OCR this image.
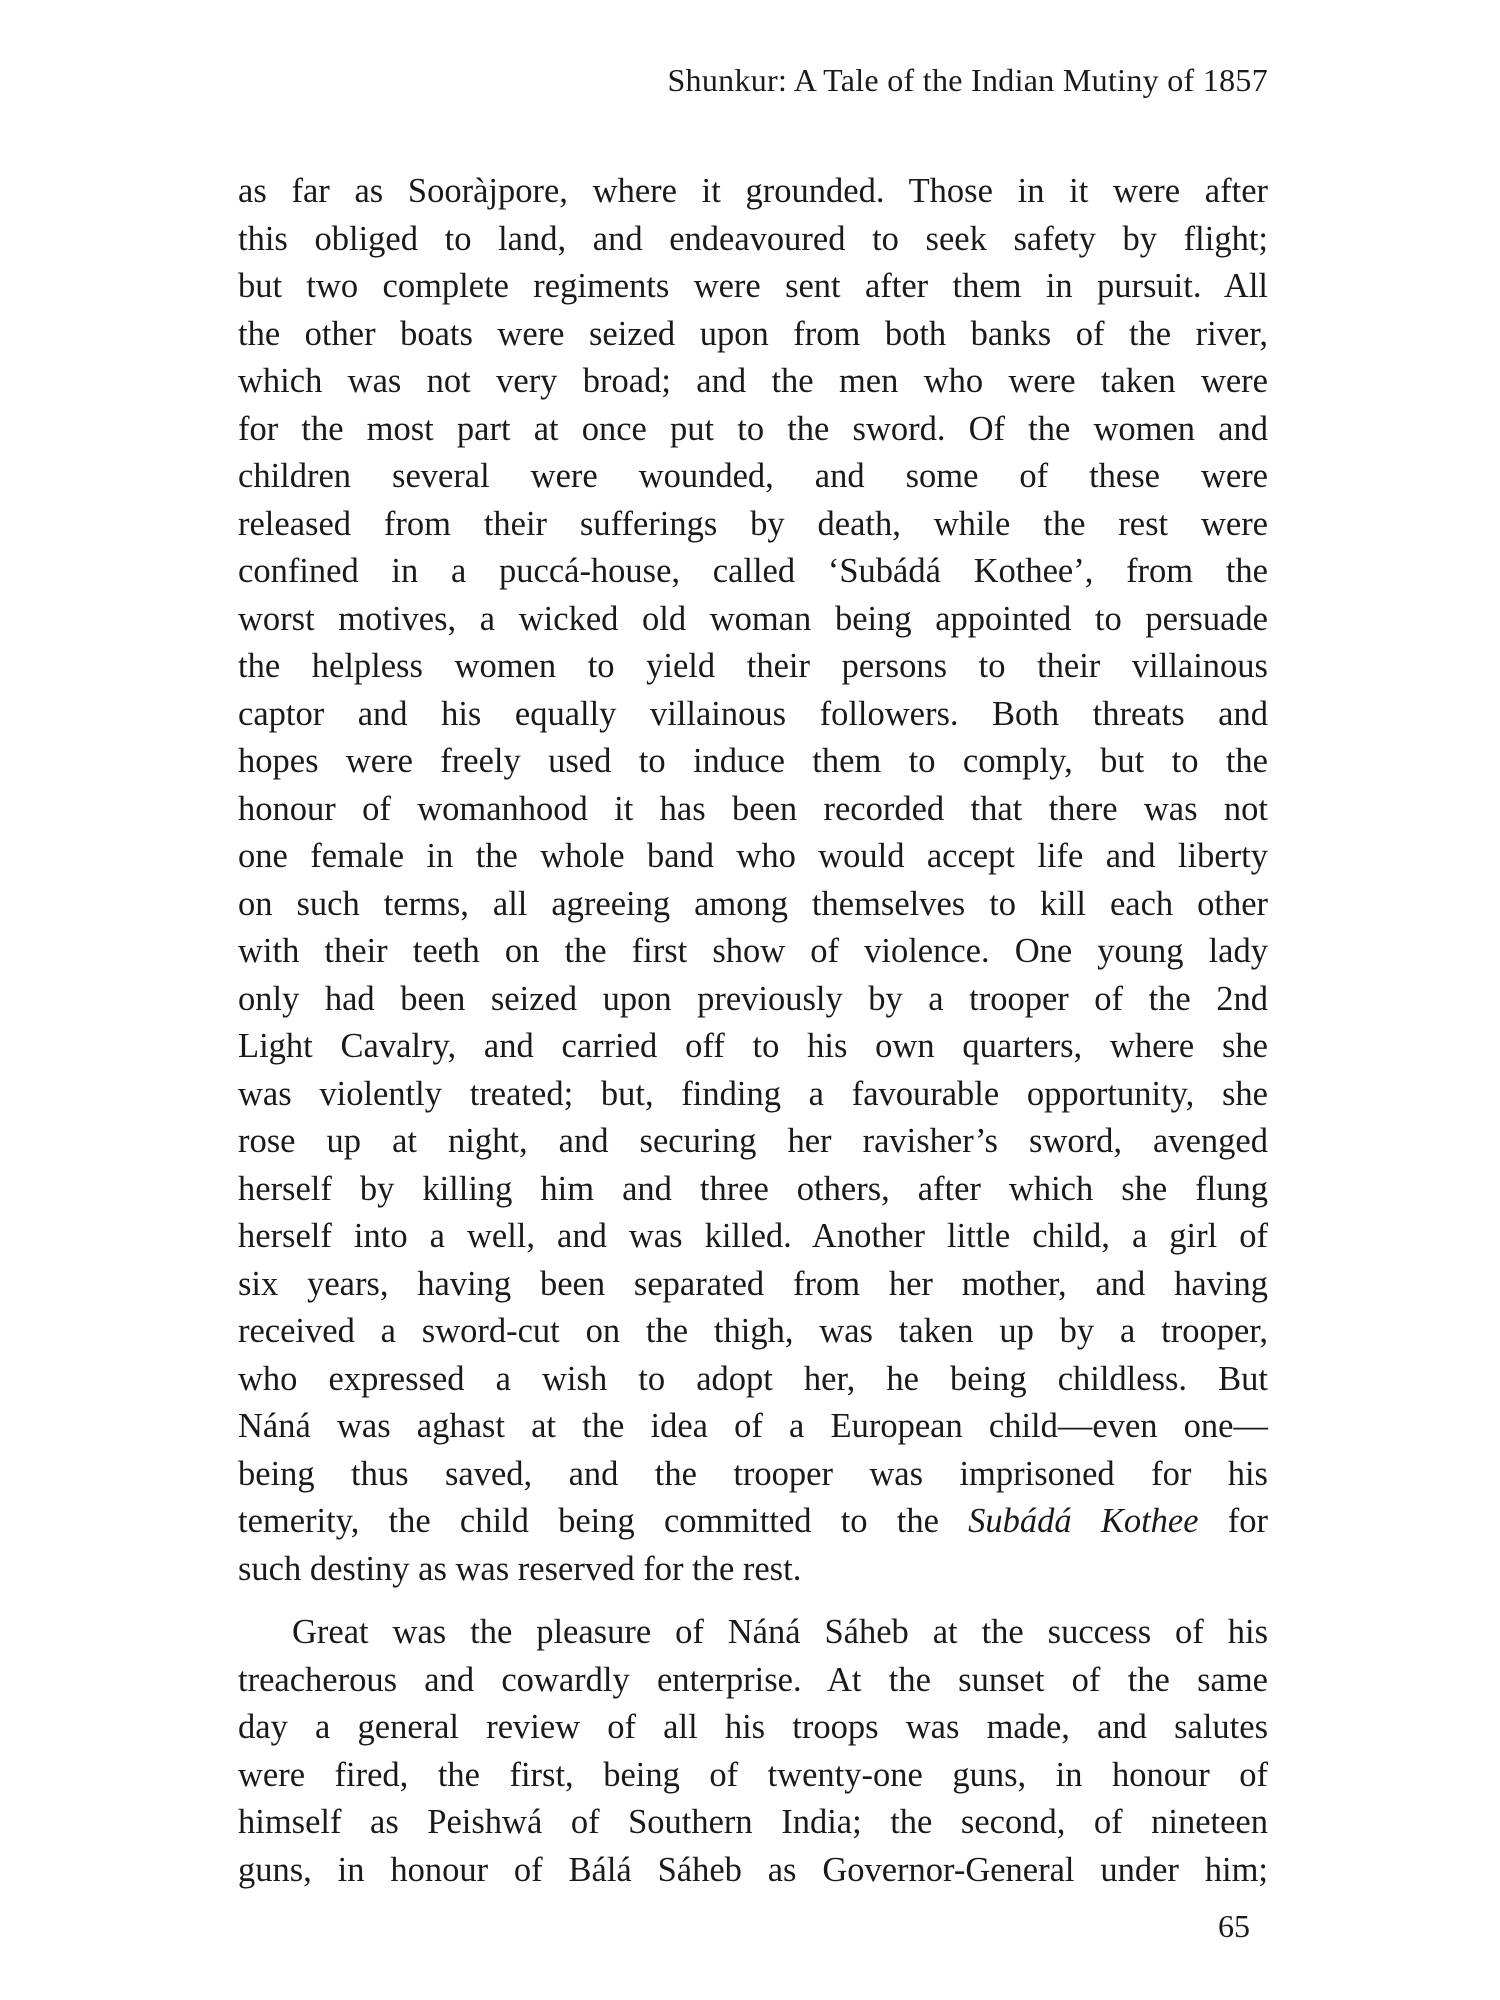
Shunkur: A Tale of the Indian Mutiny of 1857
as far as Sooràjpore, where it grounded. Those in it were after
this obliged to land, and endeavoured to seek safety by flight;
but two complete regiments were sent after them in pursuit. All
the other boats were seized upon from both banks of the river,
which was not very broad; and the men who were taken were
for the most part at once put to the sword. Of the women and
children several were wounded, and some of these were
released from their sufferings by death, while the rest were
confined in a puccá-house, called ‘Subádá Kothee’, from the
worst motives, a wicked old woman being appointed to persuade
the helpless women to yield their persons to their villainous
captor and his equally villainous followers. Both threats and
hopes were freely used to induce them to comply, but to the
honour of womanhood it has been recorded that there was not
one female in the whole band who would accept life and liberty
on such terms, all agreeing among themselves to kill each other
with their teeth on the first show of violence. One young lady
only had been seized upon previously by a trooper of the 2nd
Light Cavalry, and carried off to his own quarters, where she
was violently treated; but, finding a favourable opportunity, she
rose up at night, and securing her ravisher’s sword, avenged
herself by killing him and three others, after which she flung
herself into a well, and was killed. Another little child, a girl of
six years, having been separated from her mother, and having
received a sword-cut on the thigh, was taken up by a trooper,
who expressed a wish to adopt her, he being childless. But
Náná was aghast at the idea of a European child—even one—
being thus saved, and the trooper was imprisoned for his
temerity, the child being committed to the Subádá Kothee for
such destiny as was reserved for the rest.
Great was the pleasure of Náná Sáheb at the success of his
treacherous and cowardly enterprise. At the sunset of the same
day a general review of all his troops was made, and salutes
were fired, the first, being of twenty-one guns, in honour of
himself as Peishwá of Southern India; the second, of nineteen
guns, in honour of Bálá Sáheb as Governor-General under him;
65
